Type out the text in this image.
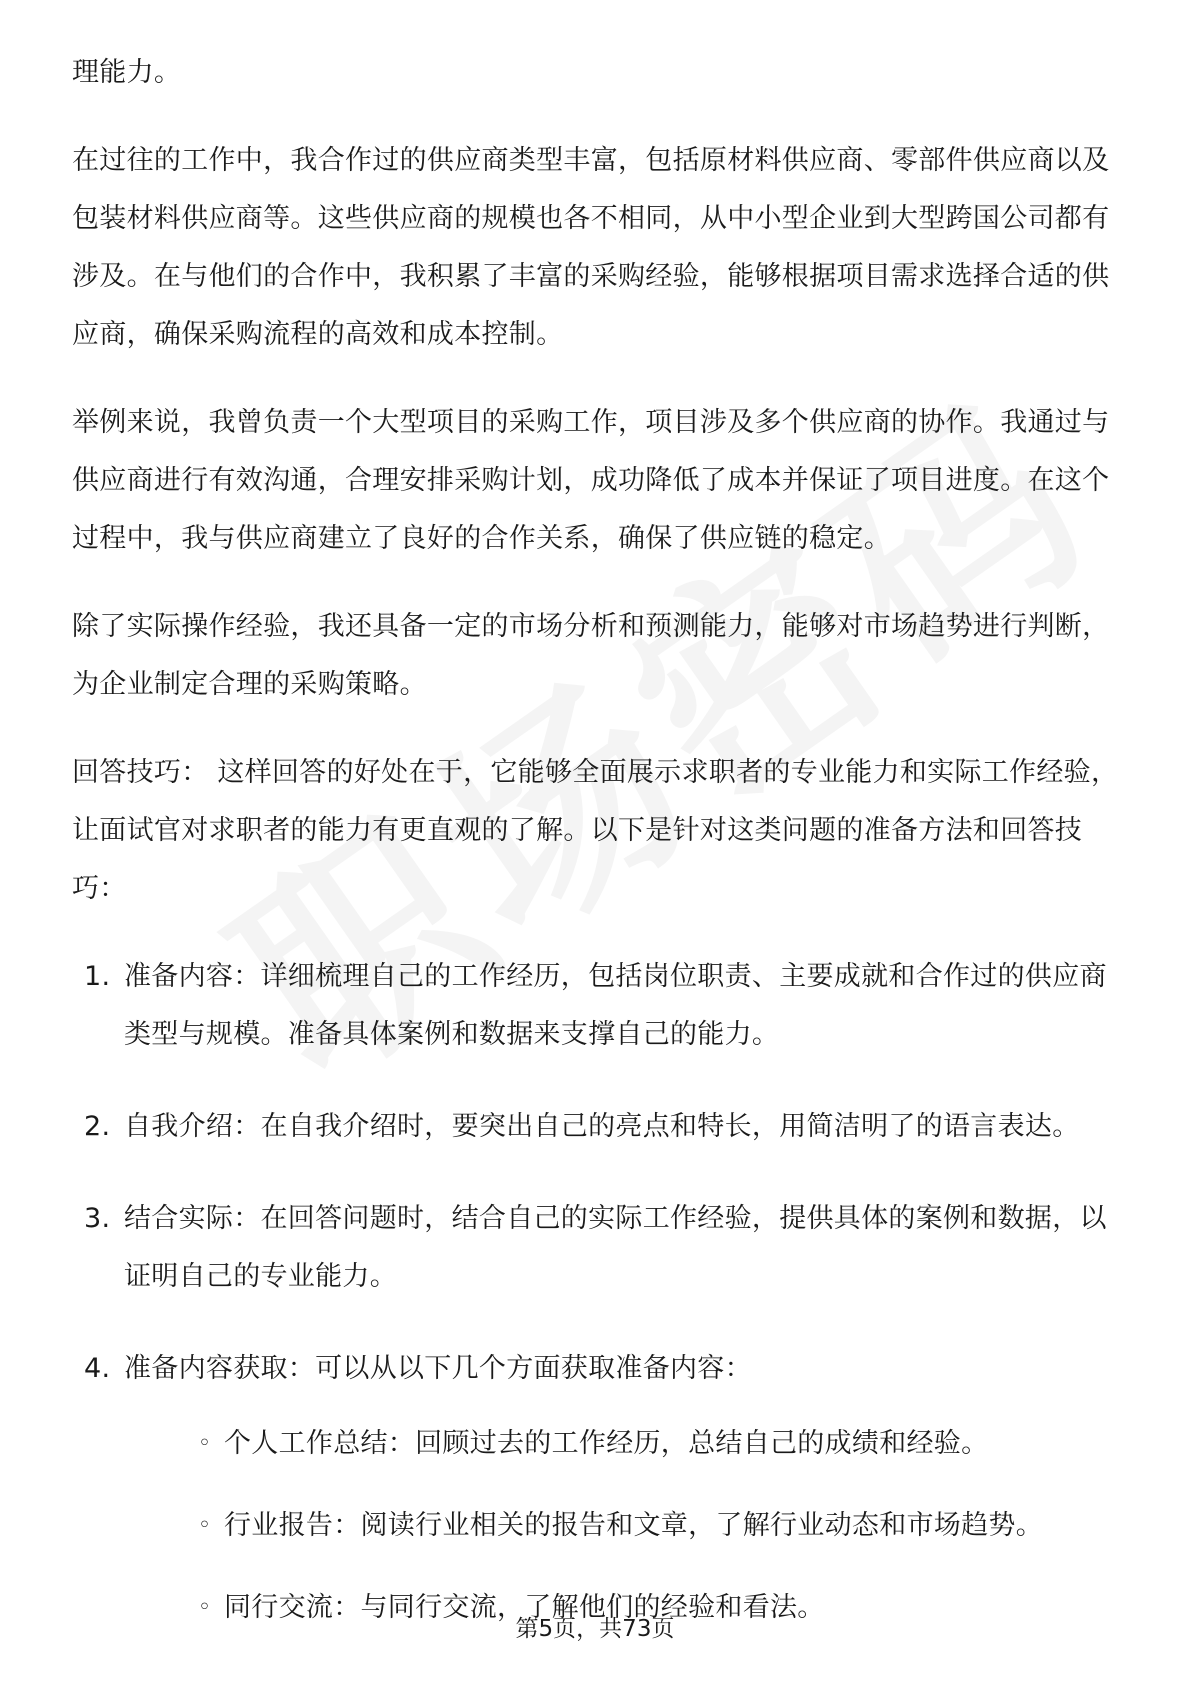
理能力。

在过往的工作中，我合作过的供应商类型丰富，包括原材料供应商、零部件供应商以及包装材料供应商等。这些供应商的规模也各不相同，从中小型企业到大型跨国公司都有涉及。在与他们的合作中，我积累了丰富的采购经验，能够根据项目需求选择合适的供应商，确保采购流程的高效和成本控制。

举例来说，我曾负责一个大型项目的采购工作，项目涉及多个供应商的协作。我通过与供应商进行有效沟通，合理安排采购计划，成功降低了成本并保证了项目进度。在这个过程中，我与供应商建立了良好的合作关系，确保了供应链的稳定。

除了实际操作经验，我还具备一定的市场分析和预测能力，能够对市场趋势进行判断，为企业制定合理的采购策略。

回答技巧： 这样回答的好处在于，它能够全面展示求职者的专业能力和实际工作经验，让面试官对求职者的能力有更直观的了解。以下是针对这类问题的准备方法和回答技巧：

1. 准备内容：详细梳理自己的工作经历，包括岗位职责、主要成就和合作过的供应商类型与规模。准备具体案例和数据来支撑自己的能力。
2. 自我介绍：在自我介绍时，要突出自己的亮点和特长，用简洁明了的语言表达。
3. 结合实际：在回答问题时，结合自己的实际工作经验，提供具体的案例和数据，以证明自己的专业能力。
4. 准备内容获取：可以从以下几个方面获取准备内容：
◦ 个人工作总结：回顾过去的工作经历，总结自己的成绩和经验。
◦ 行业报告：阅读行业相关的报告和文章，了解行业动态和市场趋势。
◦ 同行交流：与同行交流，了解他们的经验和看法。
第5页，共73页
